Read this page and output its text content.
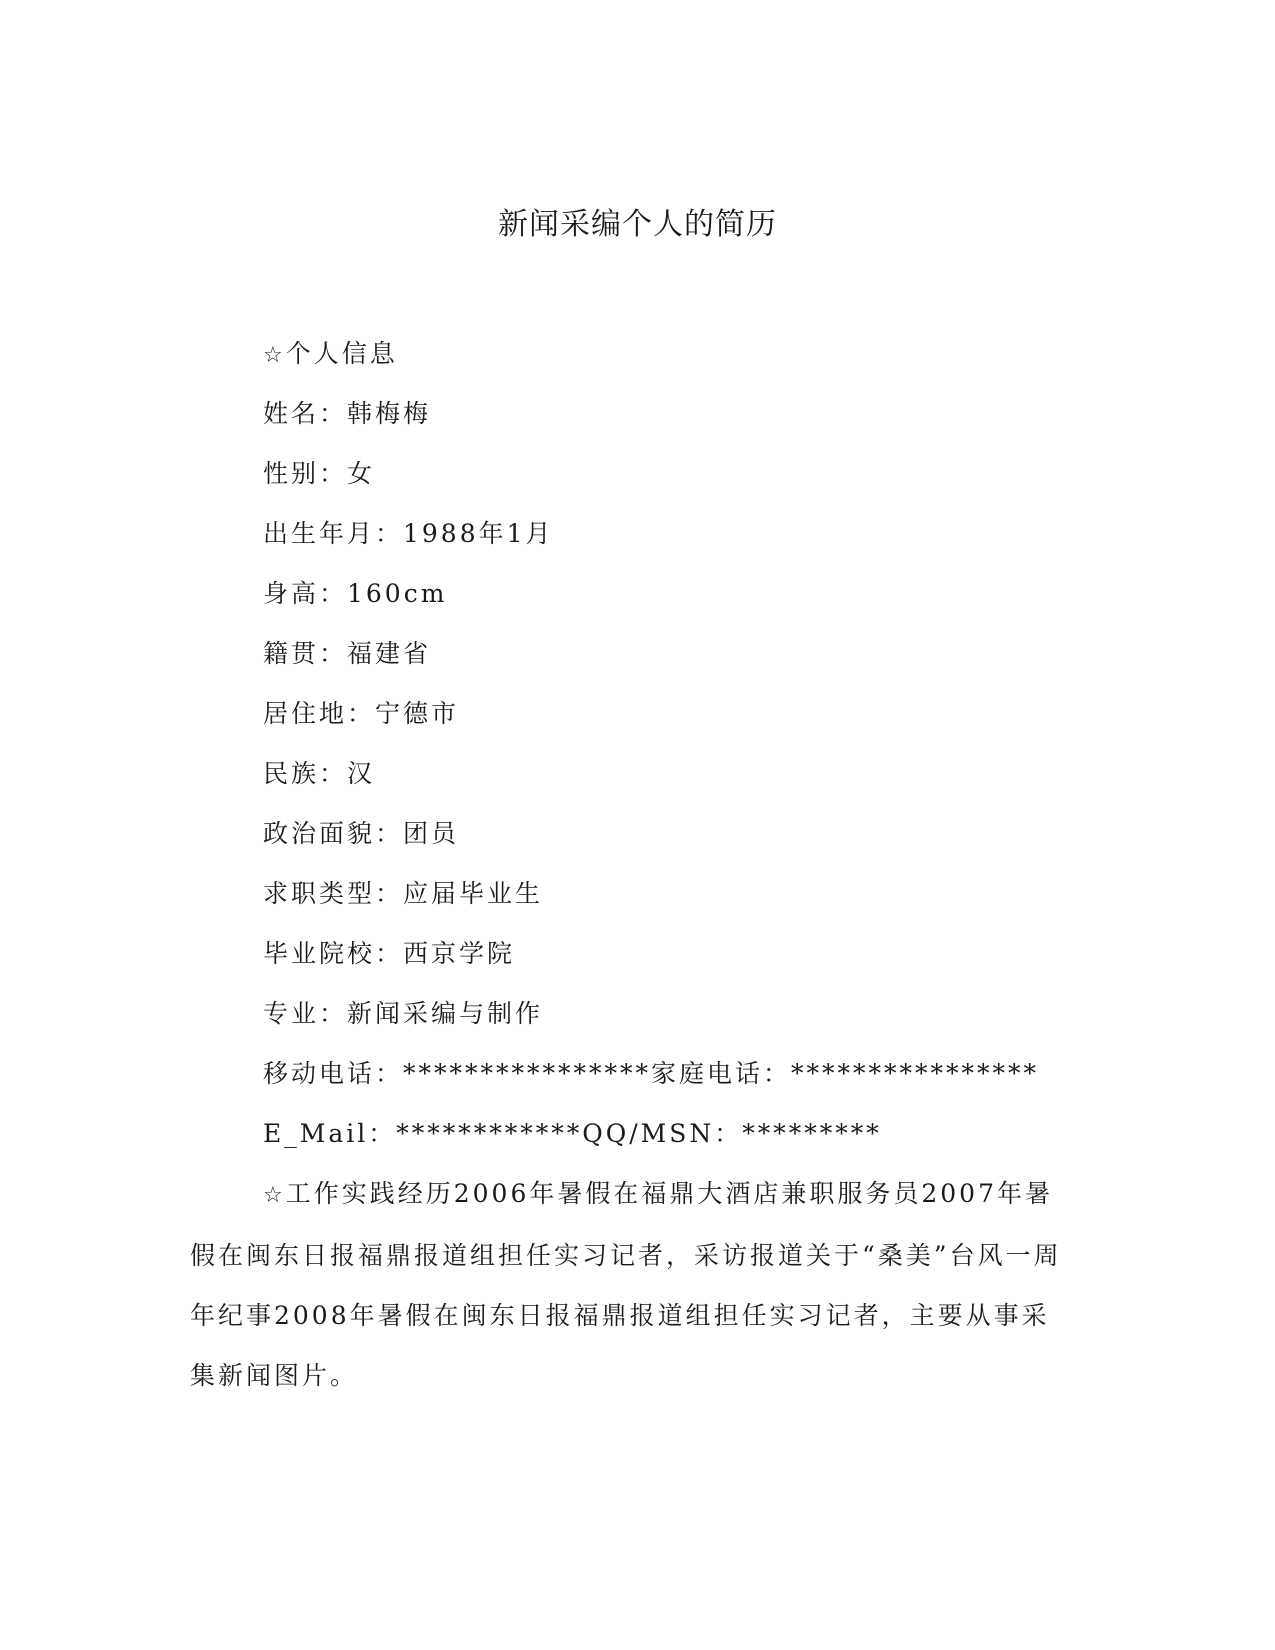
新闻采编个人的简历
☆个人信息
姓名：韩梅梅
性别：女
出生年月：1988年1月
身高：160cm
籍贯：福建省
居住地：宁德市
民族：汉
政治面貌：团员
求职类型：应届毕业生
毕业院校：西京学院
专业：新闻采编与制作
移动电话：****************家庭电话：****************
E_Mail：************QQ/MSN：*********

☆工作实践经历2006年暑假在福鼎大酒店兼职服务员2007年暑假在闽东日报福鼎报道组担任实习记者，采访报道关于“桑美”台风一周年纪事2008年暑假在闽东日报福鼎报道组担任实习记者，主要从事采集新闻图片。
